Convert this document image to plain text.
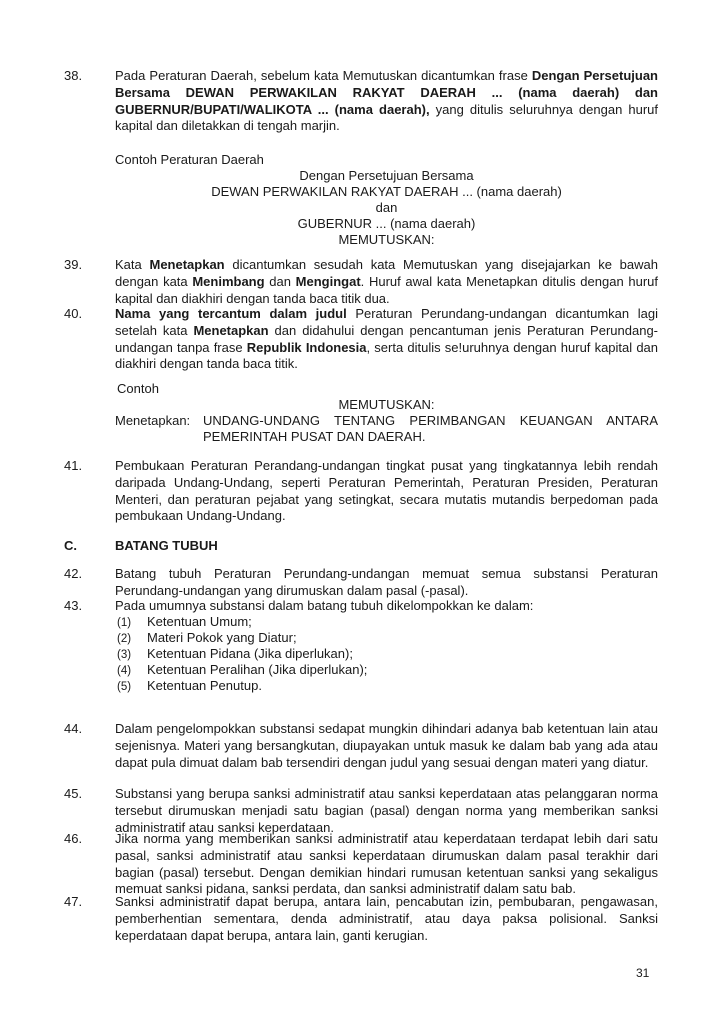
38.	Pada Peraturan Daerah, sebelum kata Memutuskan dicantumkan frase Dengan Persetujuan Bersama DEWAN PERWAKILAN RAKYAT DAERAH ... (nama daerah) dan GUBERNUR/BUPATI/WALIKOTA ... (nama daerah), yang ditulis seluruhnya dengan huruf kapital dan diletakkan di tengah marjin.
Contoh Peraturan Daerah
Dengan Persetujuan Bersama
DEWAN PERWAKILAN RAKYAT DAERAH ... (nama daerah)
dan
GUBERNUR ... (nama daerah)
MEMUTUSKAN:
39.	Kata Menetapkan dicantumkan sesudah kata Memutuskan yang disejajarkan ke bawah dengan kata Menimbang dan Mengingat. Huruf awal kata Menetapkan ditulis dengan huruf kapital dan diakhiri dengan tanda baca titik dua.
40.	Nama yang tercantum dalam judul Peraturan Perundang-undangan dicantumkan lagi setelah kata Menetapkan dan didahului dengan pencantuman jenis Peraturan Perundang-undangan tanpa frase Republik Indonesia, serta ditulis se!uruhnya dengan huruf kapital dan diakhiri dengan tanda baca titik.
Contoh
MEMUTUSKAN:
Menetapkan: UNDANG-UNDANG TENTANG PERIMBANGAN KEUANGAN ANTARA
PEMERINTAH PUSAT DAN DAERAH.
41.	Pembukaan Peraturan Perandang-undangan tingkat pusat yang tingkatannya lebih rendah daripada Undang-Undang, seperti Peraturan Pemerintah, Peraturan Presiden, Peraturan Menteri, dan peraturan pejabat yang setingkat, secara mutatis mutandis berpedoman pada pembukaan Undang-Undang.
C.	BATANG TUBUH
42.	Batang tubuh Peraturan Perundang-undangan memuat semua substansi Peraturan Perundang-undangan yang dirumuskan dalam pasal (-pasal).
43.	Pada umumnya substansi dalam batang tubuh dikelompokkan ke dalam:
(1) Ketentuan Umum;
(2) Materi Pokok yang Diatur;
(3) Ketentuan Pidana (Jika diperlukan);
(4) Ketentuan Peralihan (Jika diperlukan);
(5) Ketentuan Penutup.
44.	Dalam pengelompokkan substansi sedapat mungkin dihindari adanya bab ketentuan lain atau sejenisnya. Materi yang bersangkutan, diupayakan untuk masuk ke dalam bab yang ada atau dapat pula dimuat dalam bab tersendiri dengan judul yang sesuai dengan materi yang diatur.
45.	Substansi yang berupa sanksi administratif atau sanksi keperdataan atas pelanggaran norma tersebut dirumuskan menjadi satu bagian (pasal) dengan norma yang memberikan sanksi administratif atau sanksi keperdataan.
46.	Jika norma yang memberikan sanksi administratif atau keperdataan terdapat lebih dari satu pasal, sanksi administratif atau sanksi keperdataan dirumuskan dalam pasal terakhir dari bagian (pasal) tersebut. Dengan demikian hindari rumusan ketentuan sanksi yang sekaligus memuat sanksi pidana, sanksi perdata, dan sanksi administratif dalam satu bab.
47.	Sanksi administratif dapat berupa, antara lain, pencabutan izin, pembubaran, pengawasan, pemberhentian sementara, denda administratif, atau daya paksa polisional. Sanksi keperdataan dapat berupa, antara lain, ganti kerugian.
31
